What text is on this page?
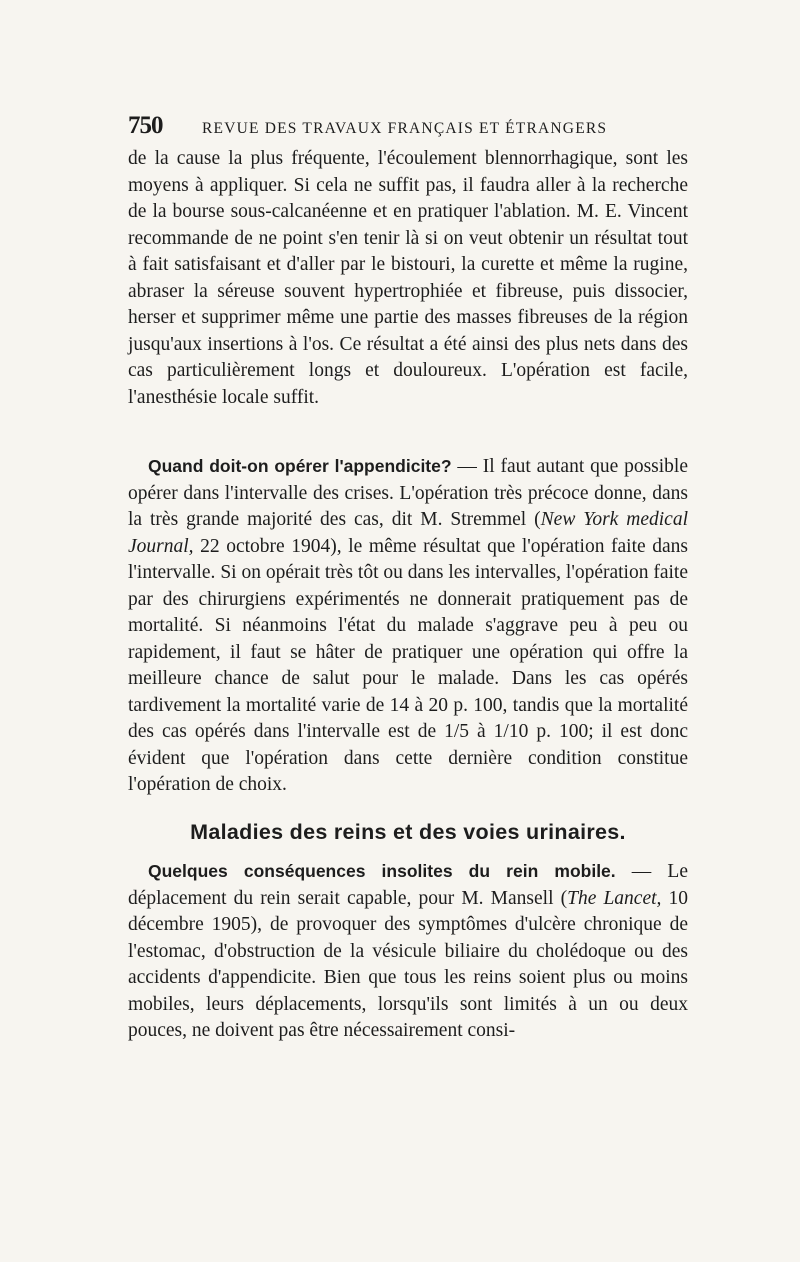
750	REVUE DES TRAVAUX FRANÇAIS ET ÉTRANGERS
de la cause la plus fréquente, l'écoulement blennorrhagique, sont les moyens à appliquer. Si cela ne suffit pas, il faudra aller à la recherche de la bourse sous-calcanéenne et en pratiquer l'ablation. M. E. Vincent recommande de ne point s'en tenir là si on veut obtenir un résultat tout à fait satisfaisant et d'aller par le bistouri, la curette et même la rugine, abraser la séreuse souvent hypertrophiée et fibreuse, puis dissocier, herser et supprimer même une partie des masses fibreuses de la région jusqu'aux insertions à l'os. Ce résultat a été ainsi des plus nets dans des cas particulièrement longs et douloureux. L'opération est facile, l'anesthésie locale suffit.
Quand doit-on opérer l'appendicite? — Il faut autant que possible opérer dans l'intervalle des crises. L'opération très précoce donne, dans la très grande majorité des cas, dit M. Stremmel (New York medical Journal, 22 octobre 1904), le même résultat que l'opération faite dans l'intervalle. Si on opérait très tôt ou dans les intervalles, l'opération faite par des chirurgiens expérimentés ne donnerait pratiquement pas de mortalité. Si néanmoins l'état du malade s'aggrave peu à peu ou rapidement, il faut se hâter de pratiquer une opération qui offre la meilleure chance de salut pour le malade. Dans les cas opérés tardivement la mortalité varie de 14 à 20 p. 100, tandis que la mortalité des cas opérés dans l'intervalle est de 1/5 à 1/10 p. 100; il est donc évident que l'opération dans cette dernière condition constitue l'opération de choix.
Maladies des reins et des voies urinaires.
Quelques conséquences insolites du rein mobile. — Le déplacement du rein serait capable, pour M. Mansell (The Lancet, 10 décembre 1905), de provoquer des symptômes d'ulcère chronique de l'estomac, d'obstruction de la vésicule biliaire du cholédoque ou des accidents d'appendicite. Bien que tous les reins soient plus ou moins mobiles, leurs déplacements, lorsqu'ils sont limités à un ou deux pouces, ne doivent pas être nécessairement consi-
